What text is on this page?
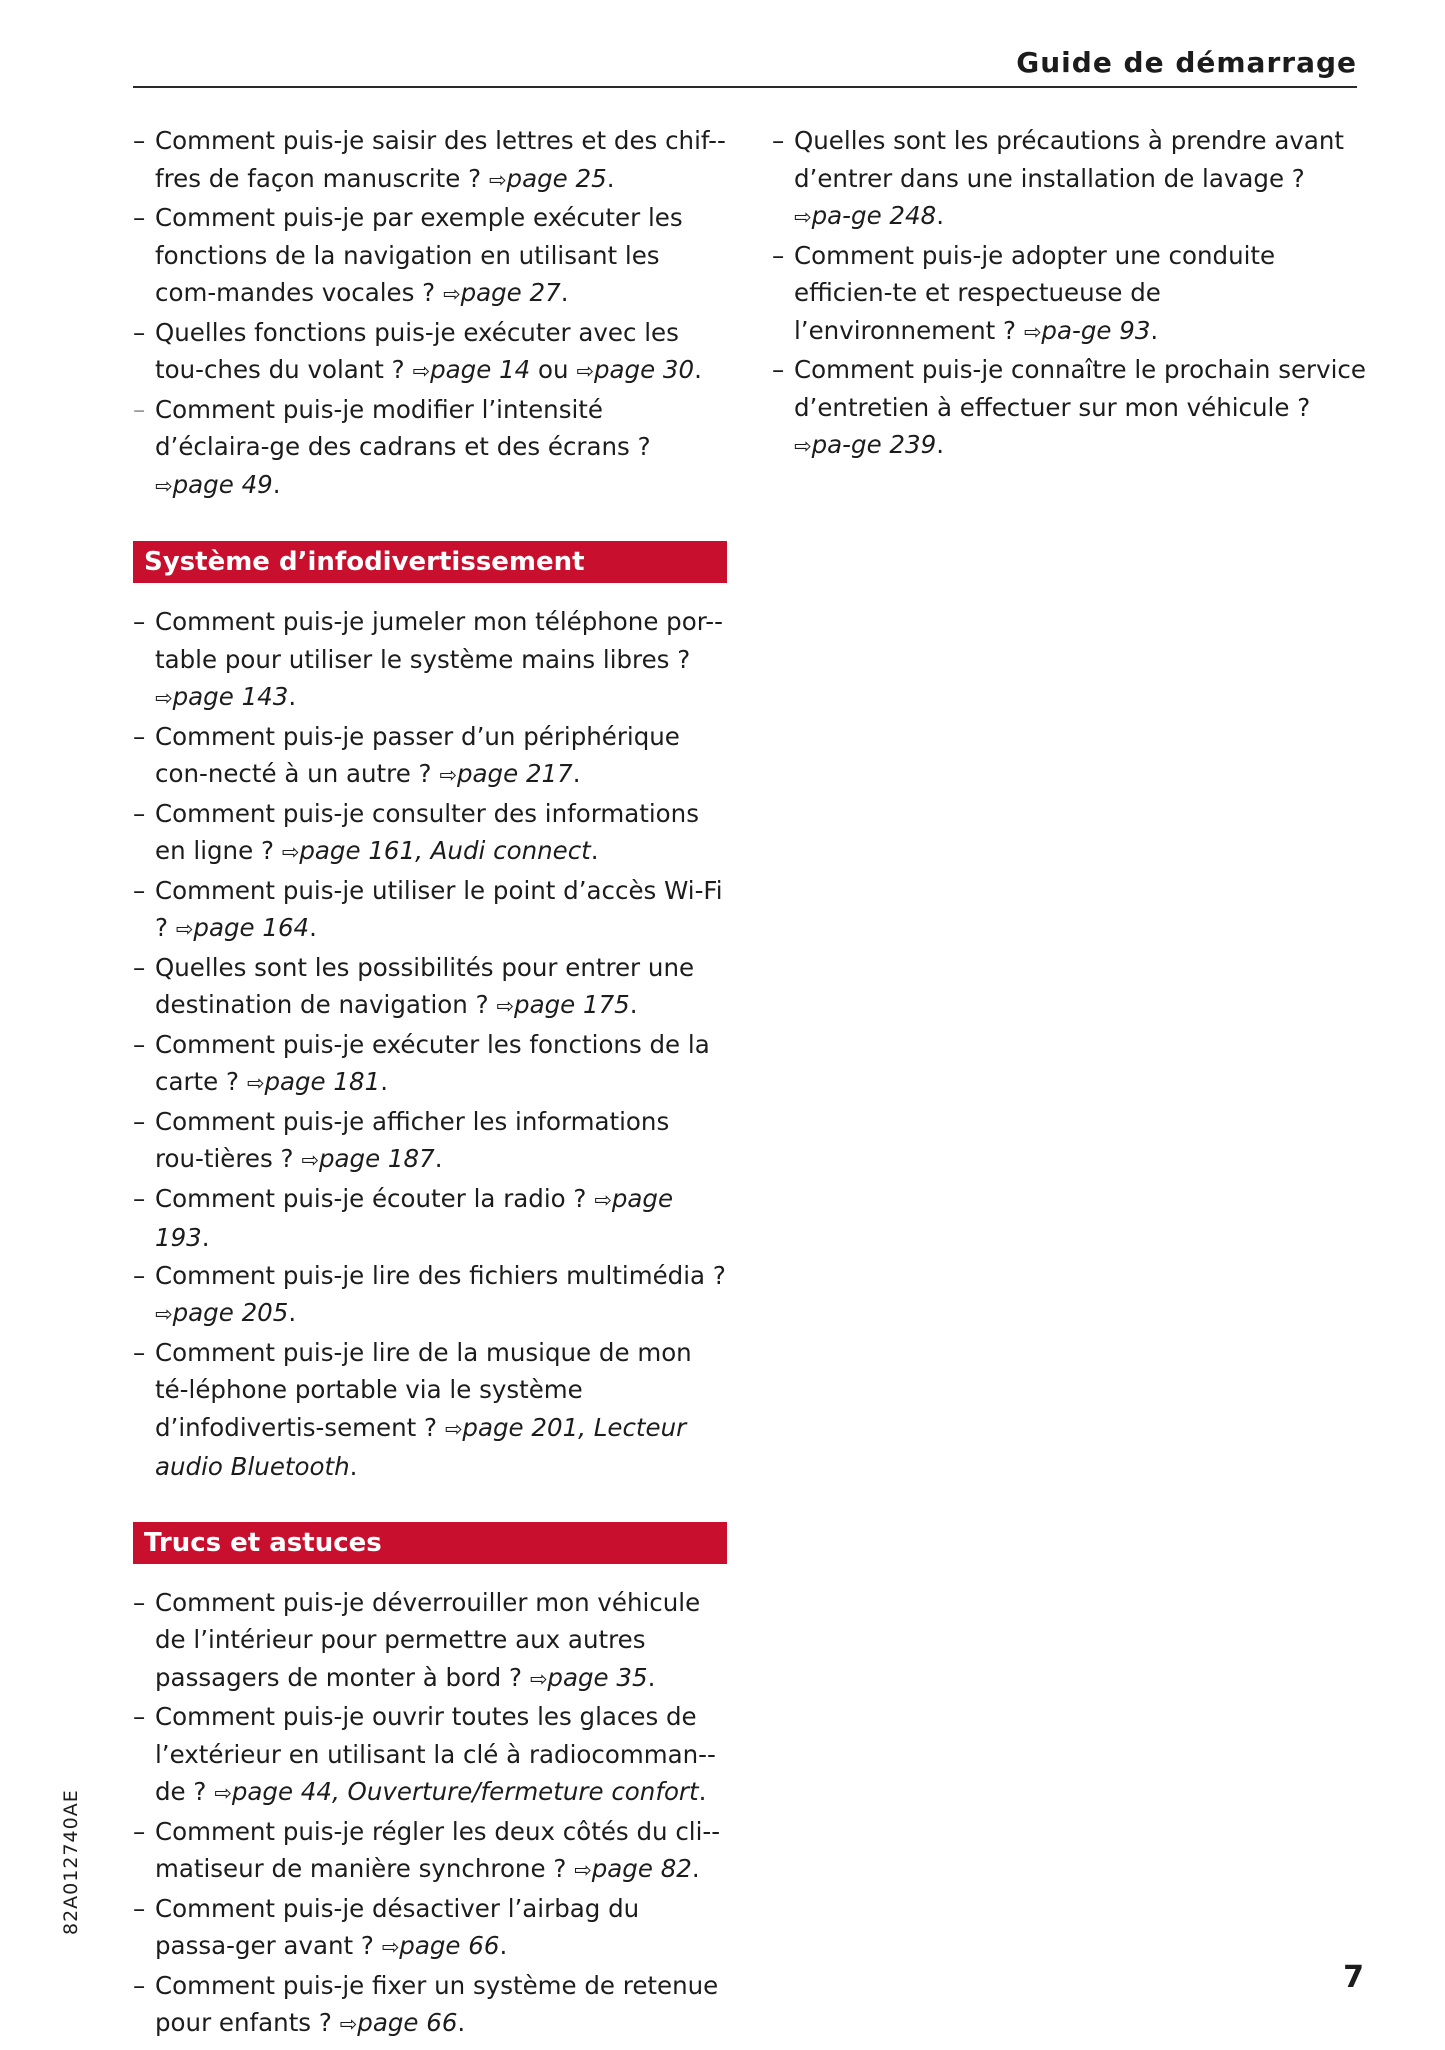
Guide de démarrage
– Comment puis-je saisir des lettres et des chif-fres de façon manuscrite ? ⇨page 25.
– Comment puis-je par exemple exécuter les fonctions de la navigation en utilisant les com-mandes vocales ? ⇨page 27.
– Quelles fonctions puis-je exécuter avec les tou-ches du volant ? ⇨page 14 ou ⇨page 30.
– Comment puis-je modifier l’intensité d’éclaira-ge des cadrans et des écrans ? ⇨page 49.
Système d’infodivertissement
– Comment puis-je jumeler mon téléphone por-table pour utiliser le système mains libres ? ⇨page 143.
– Comment puis-je passer d’un périphérique con-necté à un autre ? ⇨page 217.
– Comment puis-je consulter des informations en ligne ? ⇨page 161, Audi connect.
– Comment puis-je utiliser le point d’accès Wi-Fi ? ⇨page 164.
– Quelles sont les possibilités pour entrer une destination de navigation ? ⇨page 175.
– Comment puis-je exécuter les fonctions de la carte ? ⇨page 181.
– Comment puis-je afficher les informations rou-tières ? ⇨page 187.
– Comment puis-je écouter la radio ? ⇨page 193.
– Comment puis-je lire des fichiers multimédia ? ⇨page 205.
– Comment puis-je lire de la musique de mon té-léphone portable via le système d’infodivertis-sement ? ⇨page 201, Lecteur audio Bluetooth.
Trucs et astuces
– Comment puis-je déverrouiller mon véhicule de l’intérieur pour permettre aux autres passagers de monter à bord ? ⇨page 35.
– Comment puis-je ouvrir toutes les glaces de l’extérieur en utilisant la clé à radiocomman-de ? ⇨page 44, Ouverture/fermeture confort.
– Comment puis-je régler les deux côtés du cli-matiseur de manière synchrone ? ⇨page 82.
– Comment puis-je désactiver l’airbag du passa-ger avant ? ⇨page 66.
– Comment puis-je fixer un système de retenue pour enfants ? ⇨page 66.
– Quelles sont les précautions à prendre avant d’entrer dans une installation de lavage ? ⇨pa-ge 248.
– Comment puis-je adopter une conduite efficien-te et respectueuse de l’environnement ? ⇨pa-ge 93.
– Comment puis-je connaître le prochain service d’entretien à effectuer sur mon véhicule ? ⇨pa-ge 239.
82A012740AE
7
